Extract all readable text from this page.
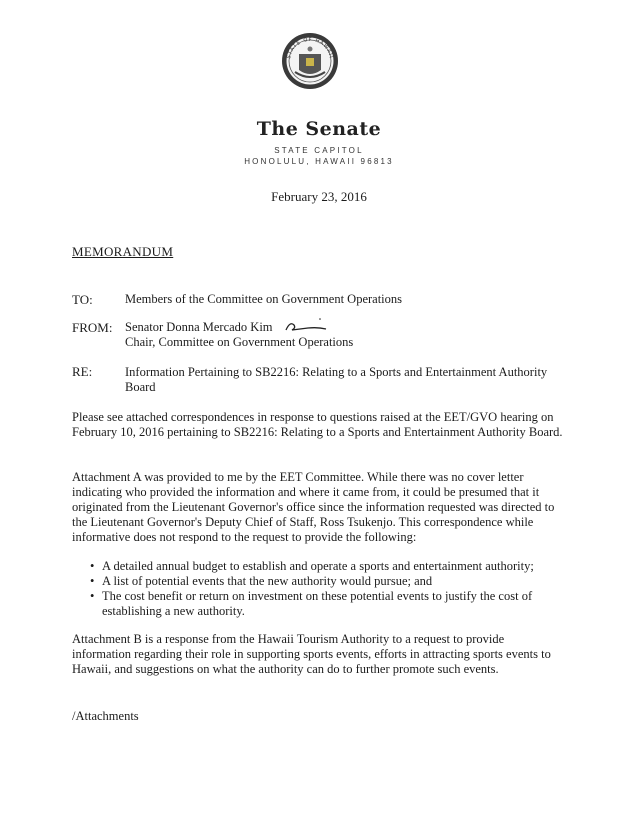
STATE OF HAWAII
The Senate
STATE CAPITOL
HONOLULU, HAWAII 96813
February 23, 2016
MEMORANDUM
TO:	Members of the Committee on Government Operations
FROM: Senator Donna Mercado Kim
Chair, Committee on Government Operations
RE:	Information Pertaining to SB2216: Relating to a Sports and Entertainment Authority Board

Please see attached correspondences in response to questions raised at the EET/GVO hearing on February 10, 2016 pertaining to SB2216: Relating to a Sports and Entertainment Authority Board.

Attachment A was provided to me by the EET Committee. While there was no cover letter indicating who provided the information and where it came from, it could be presumed that it originated from the Lieutenant Governor's office since the information requested was directed to the Lieutenant Governor's Deputy Chief of Staff, Ross Tsukenjo. This correspondence while informative does not respond to the request to provide the following:

• A detailed annual budget to establish and operate a sports and entertainment authority;
• A list of potential events that the new authority would pursue; and
• The cost benefit or return on investment on these potential events to justify the cost of establishing a new authority.

Attachment B is a response from the Hawaii Tourism Authority to a request to provide information regarding their role in supporting sports events, efforts in attracting sports events to Hawaii, and suggestions on what the authority can do to further promote such events.

/Attachments
